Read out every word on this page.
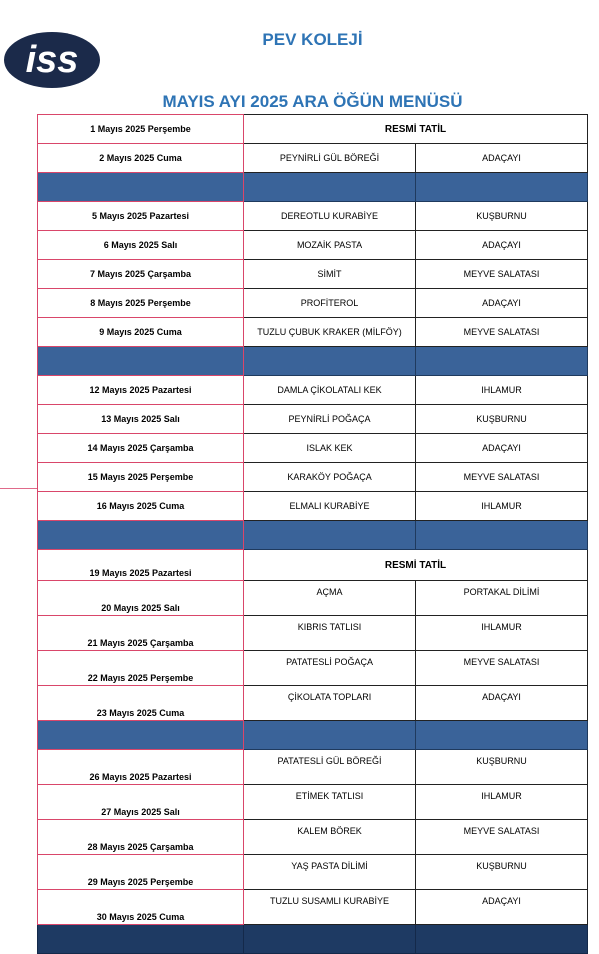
iss	PEV KOLEJİ
MAYIS AYI 2025 ARA ÖĞÜN MENÜSÜ
1 Mayıs 2025 Perşembe	RESMİ TATİL	
2 Mayıs 2025 Cuma	PEYNİRLİ GÜL BÖREĞİ	ADAÇAYI

5 Mayıs 2025 Pazartesi	DEREOTLU KURABİYE	KUŞBURNU
6 Mayıs 2025 Salı	MOZAİK PASTA	ADAÇAYI
7 Mayıs 2025 Çarşamba	SİMİT	MEYVE SALATASI
8 Mayıs 2025 Perşembe	PROFİTEROL	ADAÇAYI
9 Mayıs 2025 Cuma	TUZLU ÇUBUK KRAKER (MİLFÖY)	MEYVE SALATASI

12 Mayıs 2025 Pazartesi	DAMLA ÇİKOLATALI KEK	IHLAMUR
13 Mayıs 2025 Salı	PEYNİRLİ POĞAÇA	KUŞBURNU
14 Mayıs 2025 Çarşamba	ISLAK KEK	ADAÇAYI
15 Mayıs 2025 Perşembe	KARAKÖY POĞAÇA	MEYVE SALATASI
16 Mayıs 2025 Cuma	ELMALI KURABİYE	IHLAMUR

19 Mayıs 2025 Pazartesi	RESMİ TATİL	
20 Mayıs 2025 Salı	AÇMA	PORTAKAL DİLİMİ
21 Mayıs 2025 Çarşamba	KIBRIS TATLISI	IHLAMUR
22 Mayıs 2025 Perşembe	PATATESLİ POĞAÇA	MEYVE SALATASI
23 Mayıs 2025 Cuma	ÇİKOLATA TOPLARI	ADAÇAYI

26 Mayıs 2025 Pazartesi	PATATESLİ GÜL BÖREĞİ	KUŞBURNU
27 Mayıs 2025 Salı	ETİMEK TATLISI	IHLAMUR
28 Mayıs 2025 Çarşamba	KALEM BÖREK	MEYVE SALATASI
29 Mayıs 2025 Perşembe	YAŞ PASTA DİLİMİ	KUŞBURNU
30 Mayıs 2025 Cuma	TUZLU SUSAMLI KURABİYE	ADAÇAYI
